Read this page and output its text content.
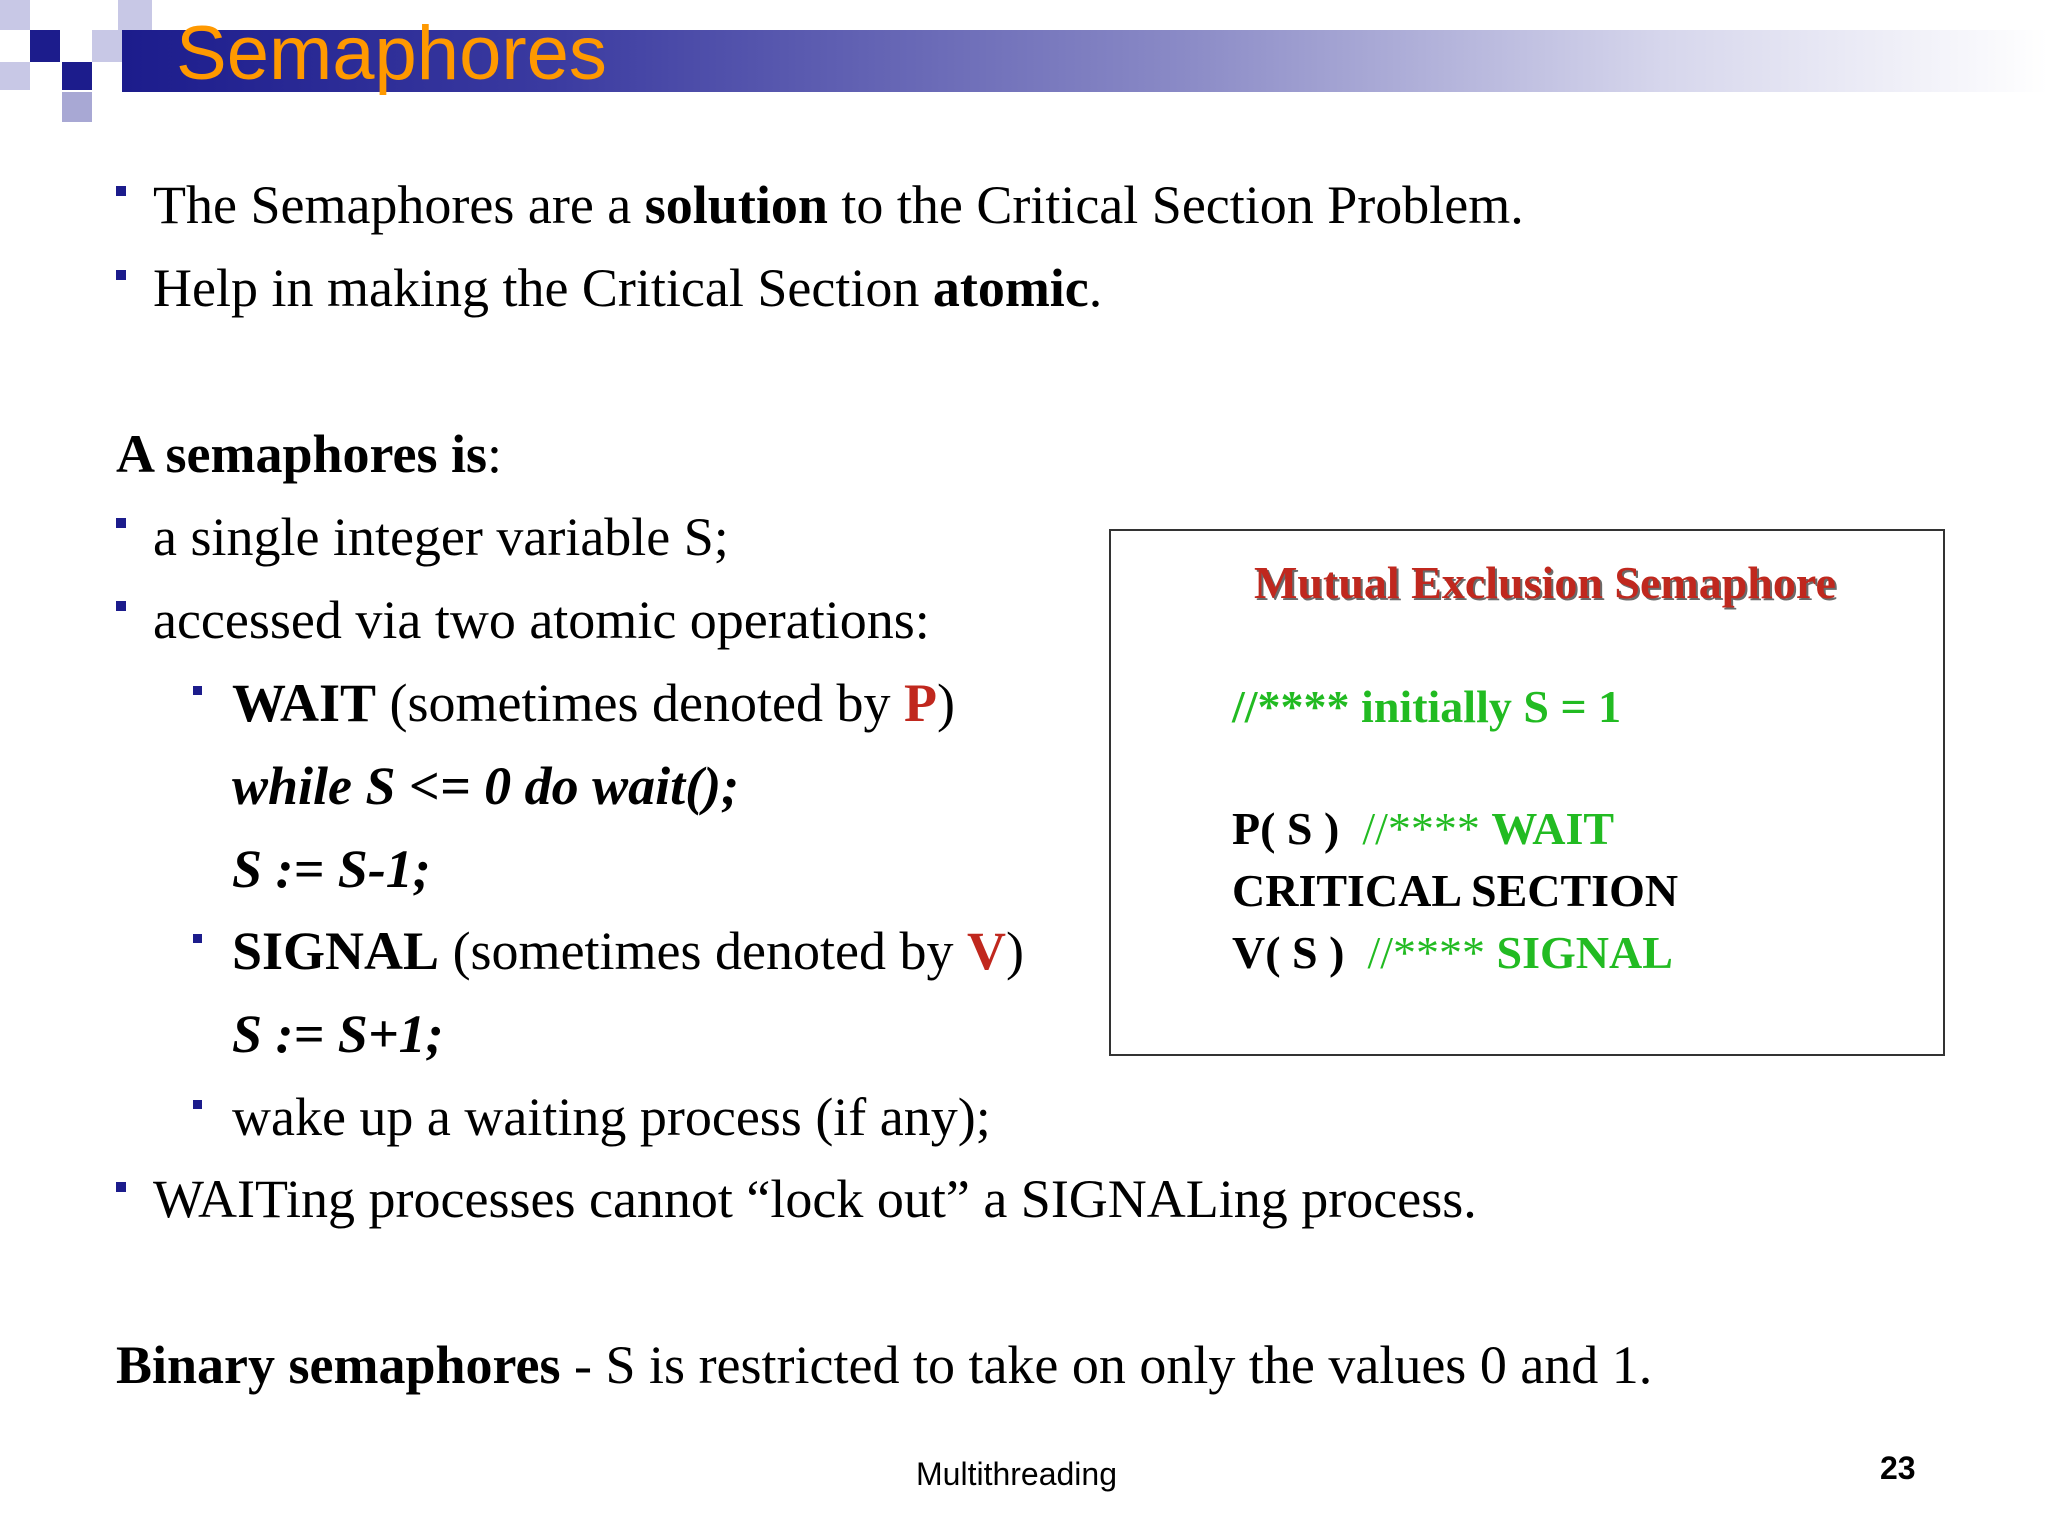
Semaphores
The Semaphores are a solution to the Critical Section Problem.
Help in making the Critical Section atomic.
A semaphores is:
a single integer variable S;
accessed via two atomic operations:
WAIT (sometimes denoted by P)
while S <= 0 do wait();
S := S-1;
SIGNAL (sometimes denoted by V)
S := S+1;
wake up a waiting process (if any);
WAITing processes cannot “lock out” a SIGNALing process.
Binary semaphores - S is restricted to take on only the values 0 and 1.
Mutual Exclusion Semaphore
//**** initially S = 1
P( S ) //**** WAIT
CRITICAL SECTION
V( S ) //**** SIGNAL
Multithreading	23
